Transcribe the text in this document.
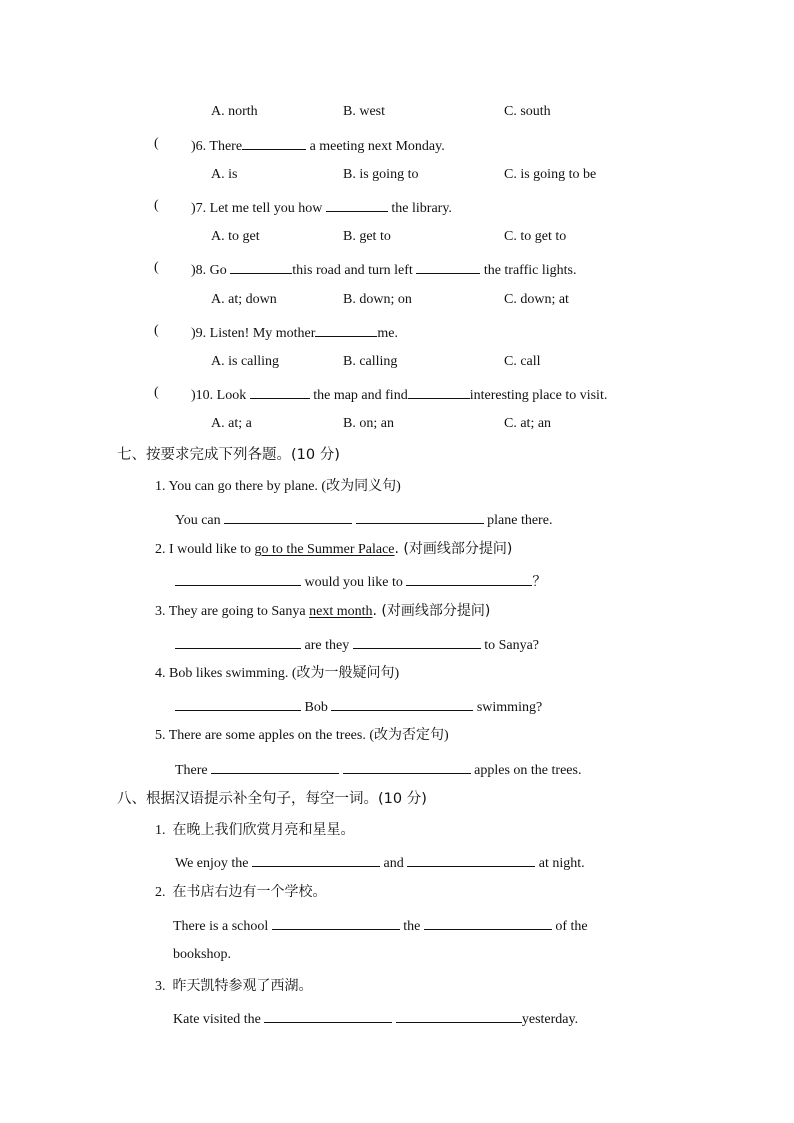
A. north	B. west	C. south
( )6. There	a meeting next Monday.
A. is	B. is going to	C. is going to be
( )7. Let me tell you how	the library.
A. to get	B. get to	C. to get to
( )8. Go	this road and turn left	the traffic lights.
A. at; down	B. down; on	C. down; at
( )9. Listen! My mother	me.
A. is calling	B. calling	C. call
( )10. Look	the map and find	interesting place to visit.
A. at; a	B. on; an	C. at; an
七、按要求完成下列各题。(10 分)
1. You can go there by plane. (改为同义句)
You can	plane there.
2. I would like to go to the Summer Palace. (对画线部分提问)
would you like to	？
3. They are going to Sanya next month. (对画线部分提问)
are they	to Sanya?
4. Bob likes swimming. (改为一般疑问句)
Bob	swimming?
5. There are some apples on the trees. (改为否定句)
There	apples on the trees.
八、根据汉语提示补全句子，每空一词。(10 分)
1. 在晚上我们欣赏月亮和星星。
We enjoy the	and	at night.
2. 在书店右边有一个学校。
There is a school	the	of the
bookshop.
3. 昨天凯特参观了西湖。
Kate visited the	yesterday.
